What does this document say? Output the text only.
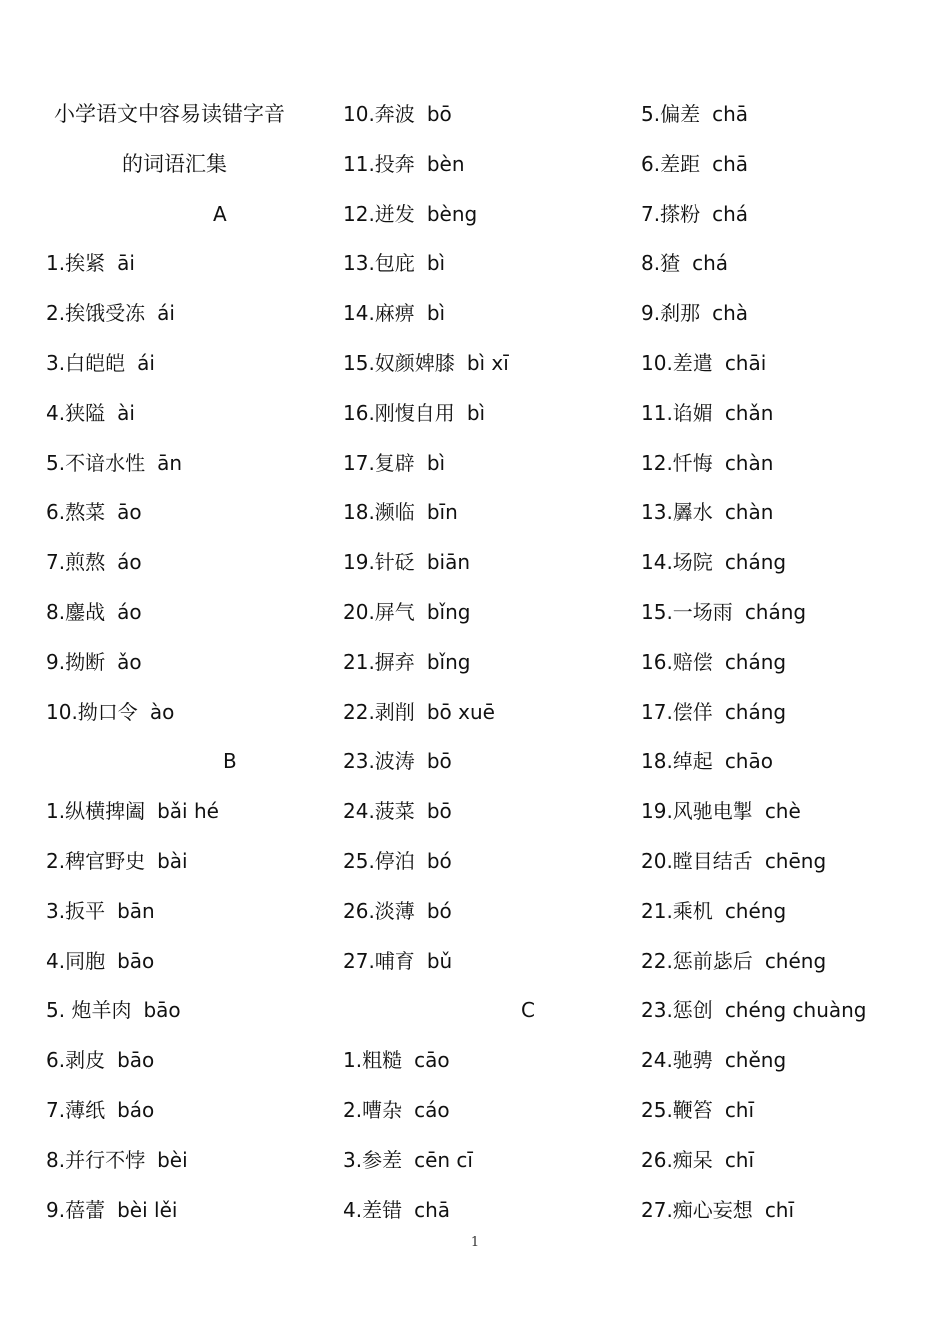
小学语文中容易读错字音
的词语汇集
A
1.挨紧 āi
2.挨饿受冻 ái
3.白皑皑 ái
4.狭隘 ài
5.不谙水性 ān
6.熬菜 āo
7.煎熬 áo
8.鏖战 áo
9.拗断 ǎo
10.拗口令 ào
B
1.纵横捭阖 bǎi hé
2.稗官野史 bài
3.扳平 bān
4.同胞 bāo
5. 炮羊肉 bāo
6.剥皮 bāo
7.薄纸 báo
8.并行不悖 bèi
9.蓓蕾 bèi lěi
10.奔波 bō
11.投奔 bèn
12.迸发 bèng
13.包庇 bì
14.麻痹 bì
15.奴颜婢膝 bì xī
16.刚愎自用 bì
17.复辟 bì
18.濒临 bīn
19.针砭 biān
20.屏气 bǐng
21.摒弃 bǐng
22.剥削 bō xuē
23.波涛 bō
24.菠菜 bō
25.停泊 bó
26.淡薄 bó
27.哺育 bǔ
C
1.粗糙 cāo
2.嘈杂 cáo
3.参差 cēn cī
4.差错 chā
5.偏差 chā
6.差距 chā
7.搽粉 chá
8.猹 chá
9.刹那 chà
10.差遣 chāi
11.谄媚 chǎn
12.忏悔 chàn
13.羼水 chàn
14.场院 cháng
15.一场雨 cháng
16.赔偿 cháng
17.偿佯 cháng
18.绰起 chāo
19.风驰电掣 chè
20.瞠目结舌 chēng
21.乘机 chéng
22.惩前毖后 chéng
23.惩创 chéng chuàng
24.驰骋 chěng
25.鞭笞 chī
26.痴呆 chī
27.痴心妄想 chī
1
